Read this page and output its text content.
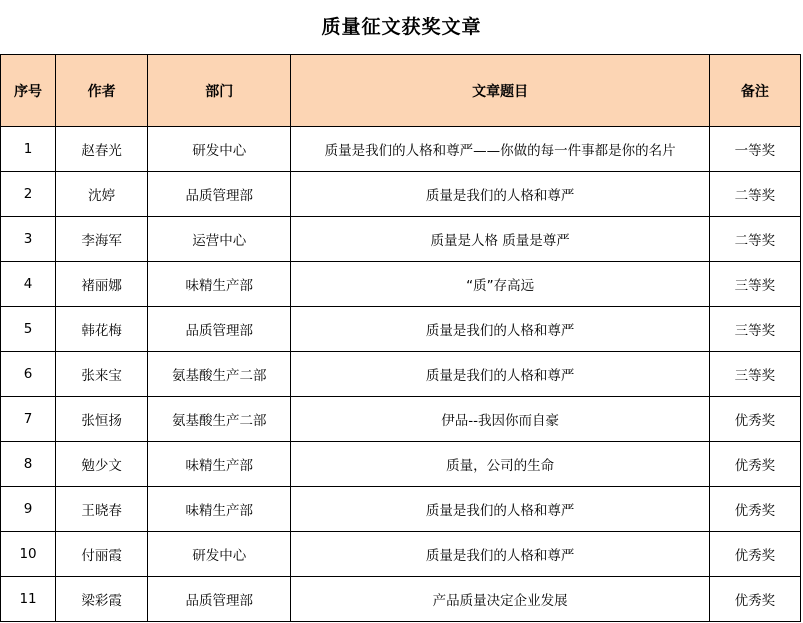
质量征文获奖文章
序号	作者	部门	文章题目	备注
1	赵春光	研发中心	质量是我们的人格和尊严——你做的每一件事都是你的名片	一等奖
2	沈婷	品质管理部	质量是我们的人格和尊严	二等奖
3	李海军	运营中心	质量是人格 质量是尊严	二等奖
4	褚丽娜	味精生产部	“质”存高远	三等奖
5	韩花梅	品质管理部	质量是我们的人格和尊严	三等奖
6	张来宝	氨基酸生产二部	质量是我们的人格和尊严	三等奖
7	张恒扬	氨基酸生产二部	伊品--我因你而自豪	优秀奖
8	勉少文	味精生产部	质量，公司的生命	优秀奖
9	王晓春	味精生产部	质量是我们的人格和尊严	优秀奖
10	付丽霞	研发中心	质量是我们的人格和尊严	优秀奖
11	梁彩霞	品质管理部	产品质量决定企业发展	优秀奖
